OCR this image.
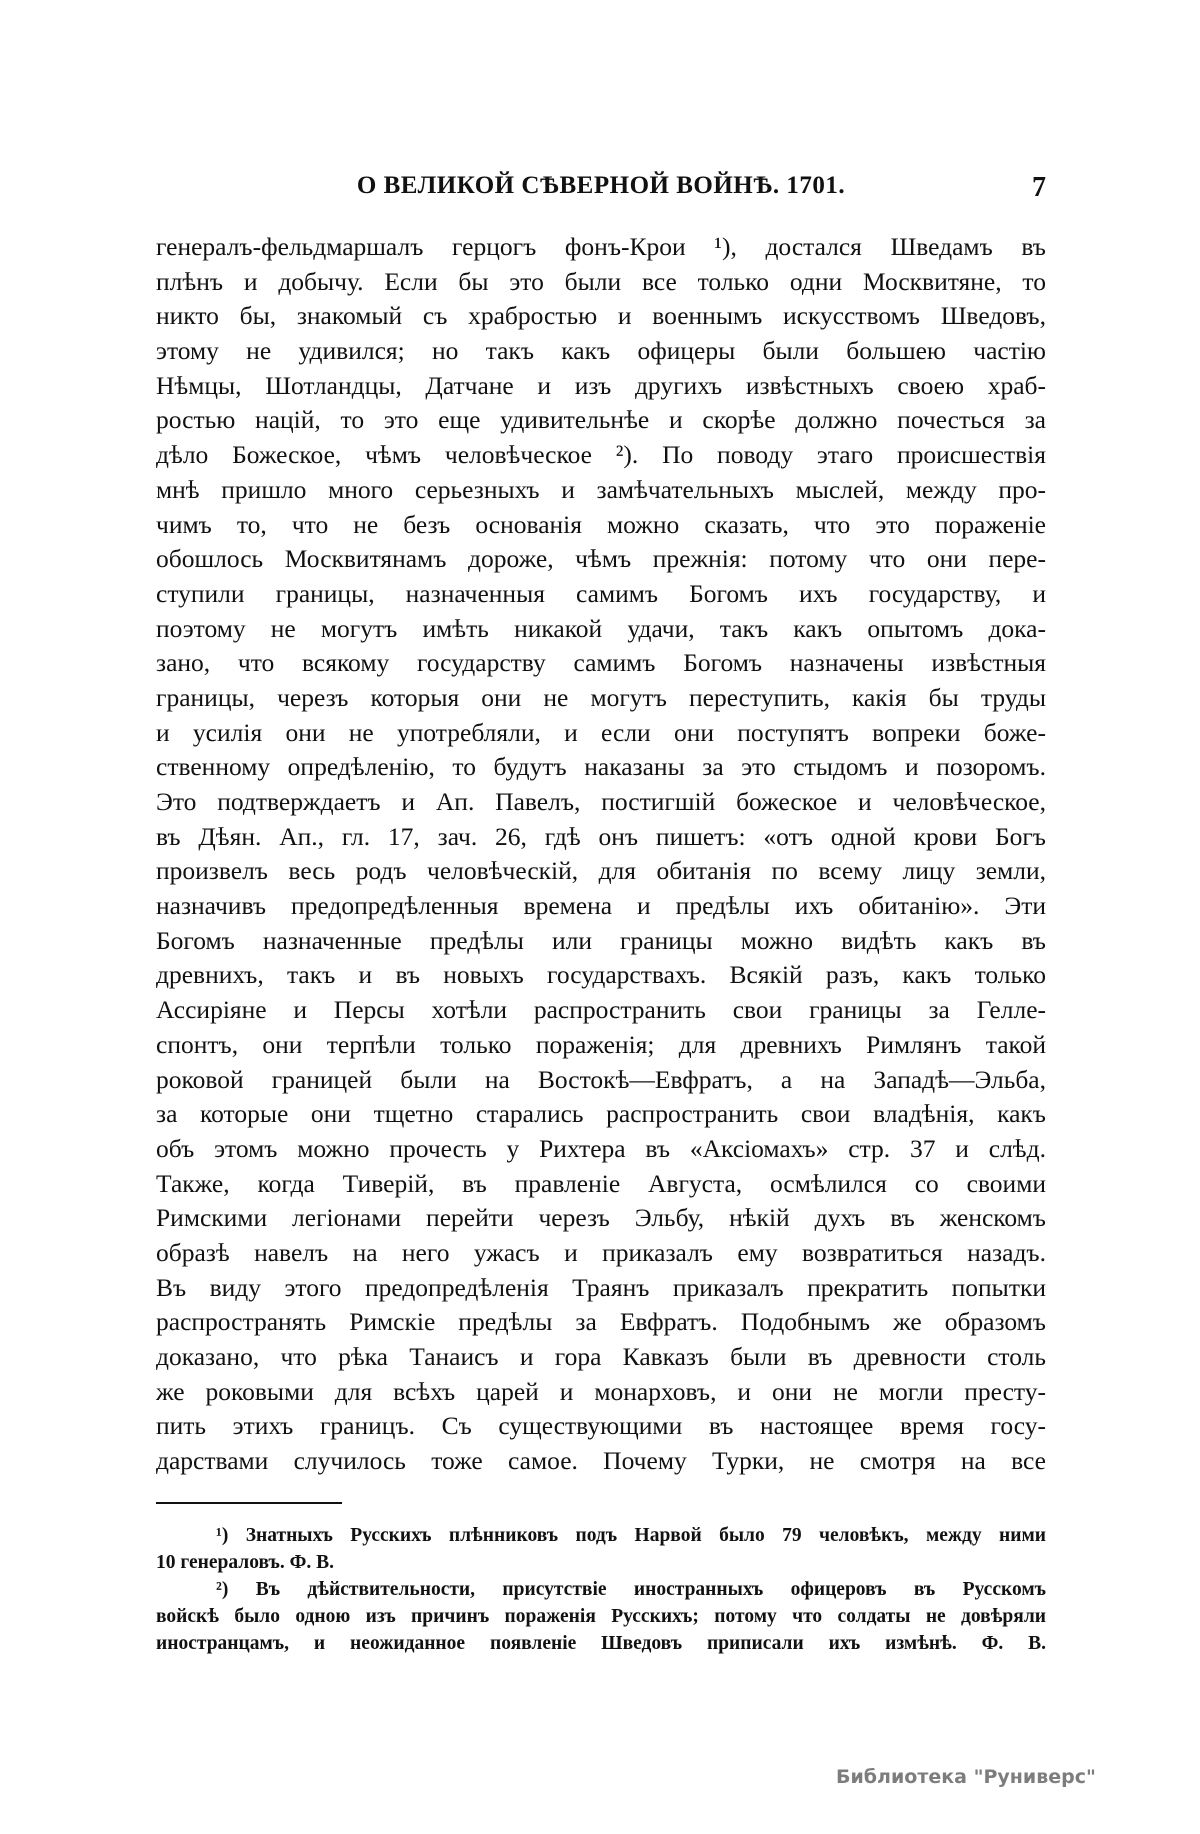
О ВЕЛИКОЙ СѢВЕРНОЙ ВОЙНѢ. 1701.	7
генералъ-фельдмаршалъ герцогъ фонъ-Крои ¹), достался Шведамъ въ
плѣнъ и добычу. Если бы это были все только одни Москвитяне, то
никто бы, знакомый съ храбростью и военнымъ искусствомъ Шведовъ,
этому не удивился; но такъ какъ офицеры были большею частію
Нѣмцы, Шотландцы, Датчане и изъ другихъ извѣстныхъ своею храб-
ростью націй, то это еще удивительнѣе и скорѣе должно почесться за
дѣло Божеское, чѣмъ человѣческое ²). По поводу этаго происшествія
мнѣ пришло много серьезныхъ и замѣчательныхъ мыслей, между про-
чимъ то, что не безъ основанія можно сказать, что это пораженіе
обошлось Москвитянамъ дороже, чѣмъ прежнія: потому что они пере-
ступили границы, назначенныя самимъ Богомъ ихъ государству, и
поэтому не могутъ имѣть никакой удачи, такъ какъ опытомъ дока-
зано, что всякому государству самимъ Богомъ назначены извѣстныя
границы, черезъ которыя они не могутъ переступить, какія бы труды
и усилія они не употребляли, и если они поступятъ вопреки боже-
ственному опредѣленію, то будутъ наказаны за это стыдомъ и позоромъ.
Это подтверждаетъ и Ап. Павелъ, постигшій божеское и человѣческое,
въ Дѣян. Ап., гл. 17, зач. 26, гдѣ онъ пишетъ: «отъ одной крови Богъ
произвелъ весь родъ человѣческій, для обитанія по всему лицу земли,
назначивъ предопредѣленныя времена и предѣлы ихъ обитанію». Эти
Богомъ назначенные предѣлы или границы можно видѣть какъ въ
древнихъ, такъ и въ новыхъ государствахъ. Всякій разъ, какъ только
Ассиріяне и Персы хотѣли распространить свои границы за Гелле-
спонтъ, они терпѣли только пораженія; для древнихъ Римлянъ такой
роковой границей были на Востокѣ—Евфратъ, а на Западѣ—Эльба,
за которые они тщетно старались распространить свои владѣнія, какъ
объ этомъ можно прочесть у Рихтера въ «Аксіомахъ» стр. 37 и слѣд.
Также, когда Тиверій, въ правленіе Августа, осмѣлился со своими
Римскими легіонами перейти черезъ Эльбу, нѣкій духъ въ женскомъ
образѣ навелъ на него ужасъ и приказалъ ему возвратиться назадъ.
Въ виду этого предопредѣленія Траянъ приказалъ прекратить попытки
распространять Римскіе предѣлы за Евфратъ. Подобнымъ же образомъ
доказано, что рѣка Танаисъ и гора Кавказъ были въ древности столь
же роковыми для всѣхъ царей и монарховъ, и они не могли престу-
пить этихъ границъ. Съ существующими въ настоящее время госу-
дарствами случилось тоже самое. Почему Турки, не смотря на все
¹) Знатныхъ Русскихъ плѣнниковъ подъ Нарвой было 79 человѣкъ, между ними
10 генераловъ. Ф. В.
²) Въ дѣйствительности, присутствіе иностранныхъ офицеровъ въ Русскомъ
войскѣ было одною изъ причинъ пораженія Русскихъ; потому что солдаты не довѣряли
иностранцамъ, и неожиданное появленіе Шведовъ приписали ихъ измѣнѣ. Ф. В.
Библиотека "Руниверс"
